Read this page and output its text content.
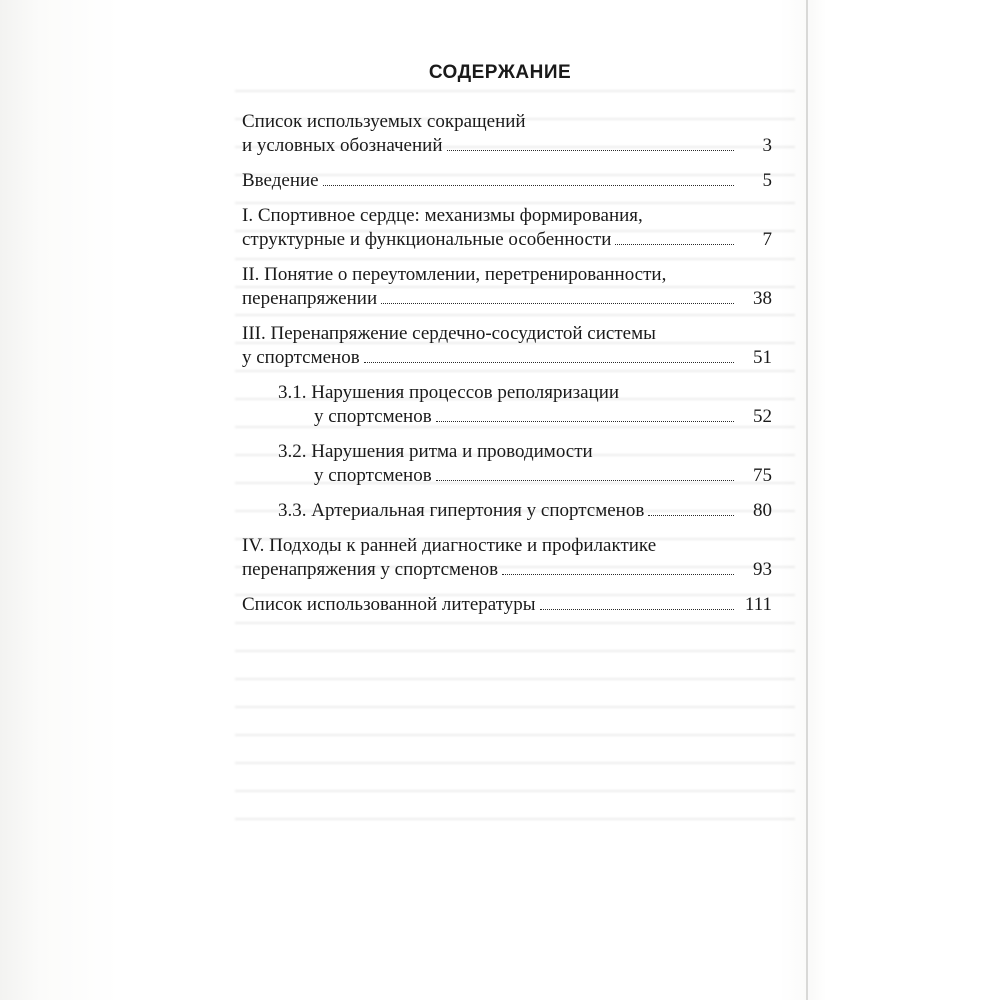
СОДЕРЖАНИЕ
Список используемых сокращений
и условных обозначений	3
Введение	5
I. Спортивное сердце: механизмы формирования,
структурные и функциональные особенности	7
II. Понятие о переутомлении, перетренированности,
перенапряжении	38
III. Перенапряжение сердечно-сосудистой системы
у спортсменов	51
3.1. Нарушения процессов реполяризации
у спортсменов	52
3.2. Нарушения ритма и проводимости
у спортсменов	75
3.3. Артериальная гипертония у спортсменов	80
IV. Подходы к ранней диагностике и профилактике
перенапряжения у спортсменов	93
Список использованной литературы	111
